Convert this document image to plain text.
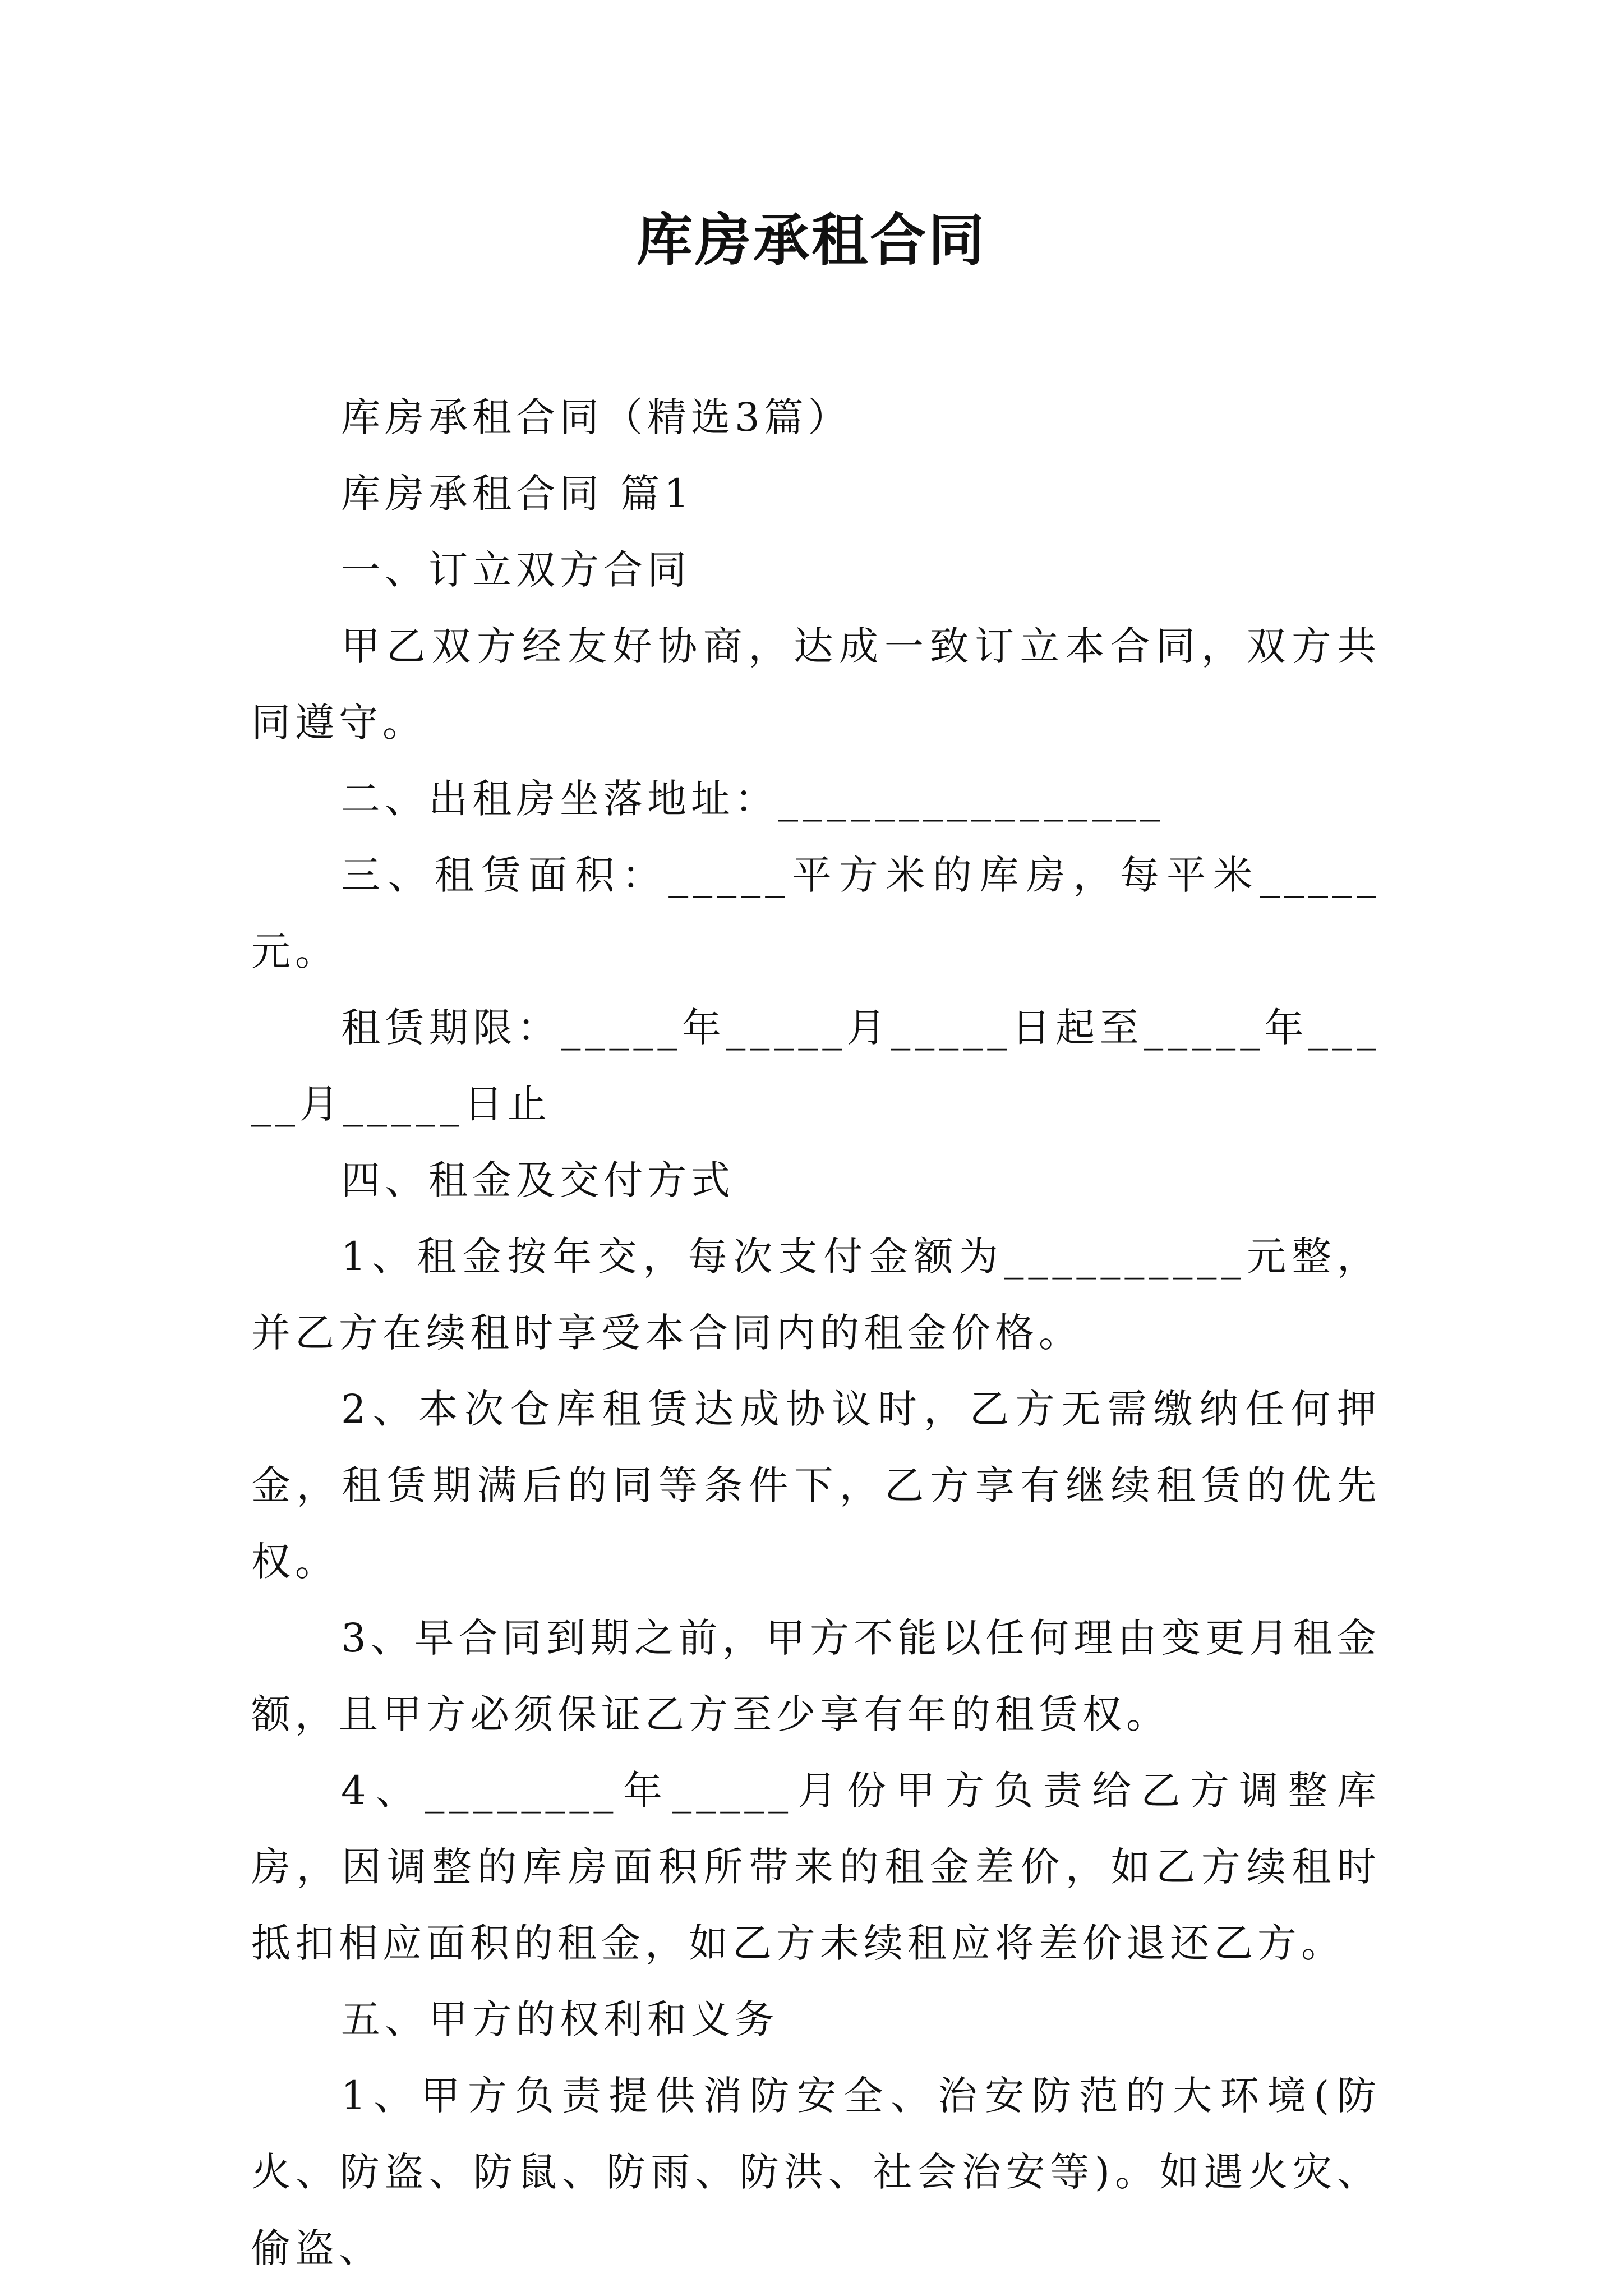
库房承租合同

库房承租合同（精选3篇）

库房承租合同 篇1

一、订立双方合同

甲乙双方经友好协商，达成一致订立本合同，双方共同遵守。

二、出租房坐落地址：________________

三、租赁面积：_____平方米的库房，每平米_____元。

租赁期限：_____年_____月_____日起至_____年_____月_____日止

四、租金及交付方式

1、租金按年交，每次支付金额为__________元整，并乙方在续租时享受本合同内的租金价格。

2、本次仓库租赁达成协议时，乙方无需缴纳任何押金，租赁期满后的同等条件下，乙方享有继续租赁的优先权。

3、早合同到期之前，甲方不能以任何理由变更月租金额，且甲方必须保证乙方至少享有年的租赁权。

4、________年_____月份甲方负责给乙方调整库房，因调整的库房面积所带来的租金差价，如乙方续租时抵扣相应面积的租金，如乙方未续租应将差价退还乙方。

五、甲方的权利和义务

1、甲方负责提供消防安全、治安防范的大环境(防火、防盗、防鼠、防雨、防洪、社会治安等)。如遇火灾、偷盗、
